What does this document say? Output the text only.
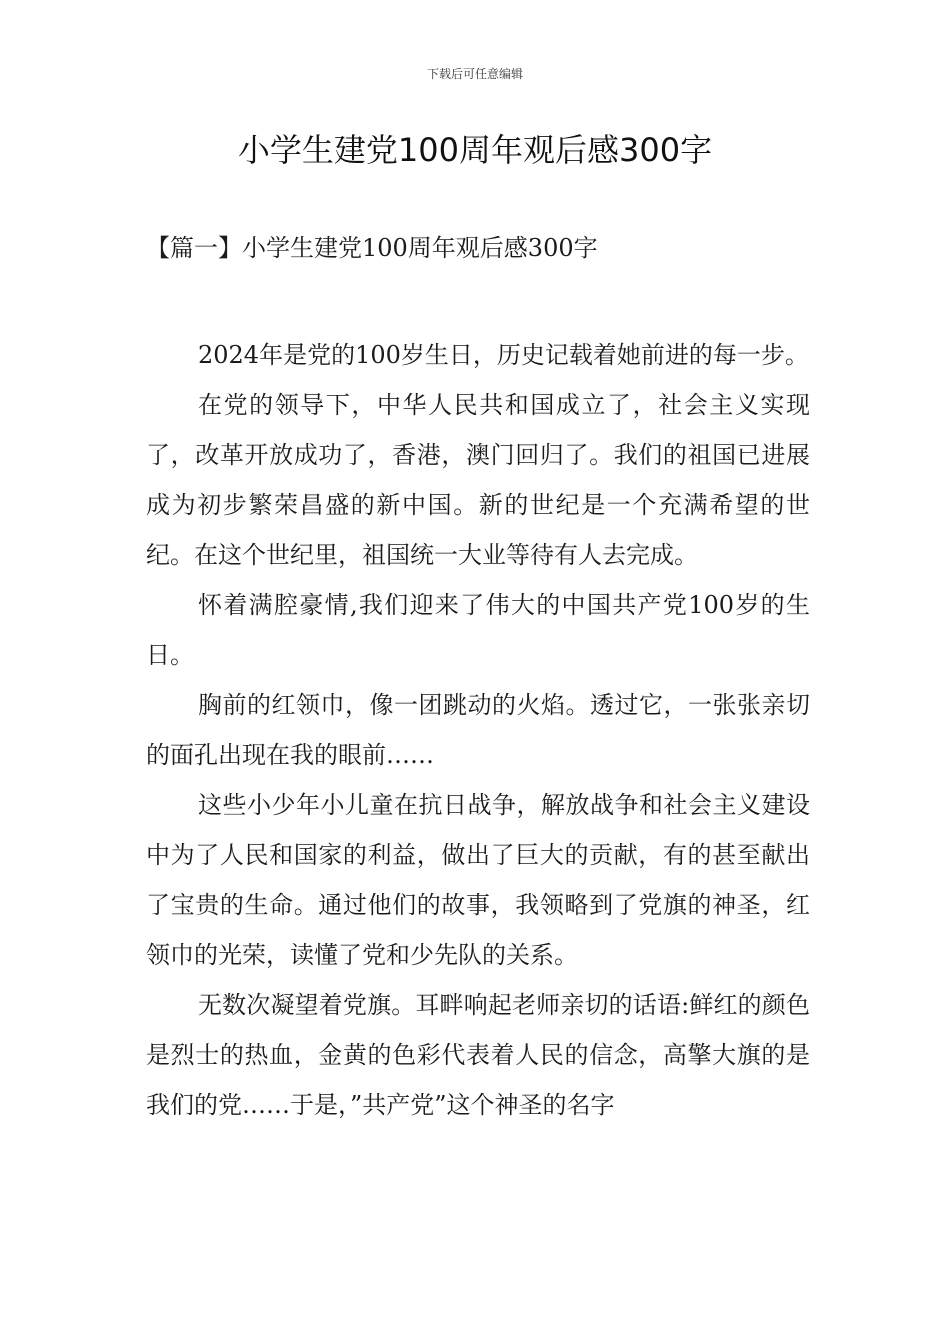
下载后可任意编辑
小学生建党100周年观后感300字
【篇一】小学生建党100周年观后感300字

2024年是党的100岁生日，历史记载着她前进的每一步。

在党的领导下，中华人民共和国成立了，社会主义实现了，改革开放成功了，香港，澳门回归了。我们的祖国已进展成为初步繁荣昌盛的新中国。新的世纪是一个充满希望的世纪。在这个世纪里，祖国统一大业等待有人去完成。

怀着满腔豪情,我们迎来了伟大的中国共产党100岁的生日。

胸前的红领巾，像一团跳动的火焰。透过它，一张张亲切的面孔出现在我的眼前……

这些小少年小儿童在抗日战争，解放战争和社会主义建设中为了人民和国家的利益，做出了巨大的贡献，有的甚至献出了宝贵的生命。通过他们的故事，我领略到了党旗的神圣，红领巾的光荣，读懂了党和少先队的关系。

无数次凝望着党旗。耳畔响起老师亲切的话语:鲜红的颜色是烈士的热血，金黄的色彩代表着人民的信念，高擎大旗的是我们的党……于是，”共产党”这个神圣的名字
